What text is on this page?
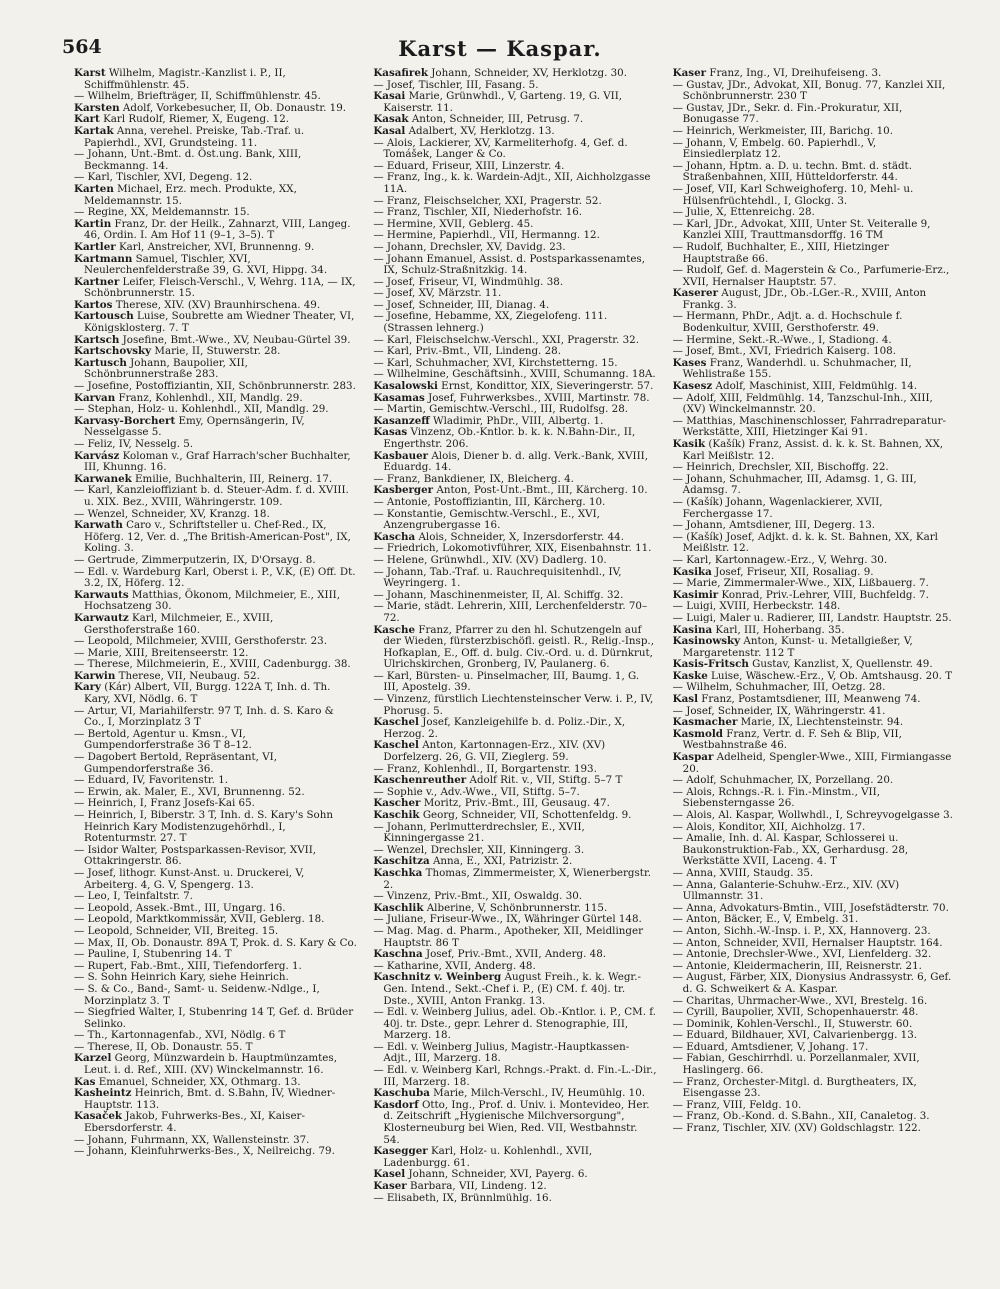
564	Karst — Kaspar.

Karst Wilhelm, Magistr.-Kanzlist i. P., II, Schiffmühlenstr. 45.

— Wilhelm, Briefträger, II, Schiffmühlenstr. 45.

Karsten Adolf, Vorkebesucher, II, Ob. Donaustr. 19.

Kart Karl Rudolf, Riemer, X, Eugeng. 12.

Kartak Anna, verehel. Preiske, Tab.-Traf. u. Papierhdl., XVI, Grundsteing. 11.

— Johann, Unt.-Bmt. d. Öst.ung. Bank, XIII, Beckmanng. 14.

— Karl, Tischler, XVI, Degeng. 12.

Karten Michael, Erz. mech. Produkte, XX, Meldemannstr. 15.

— Regine, XX, Meldemannstr. 15.

Kartin Franz, Dr. der Heilk., Zahnarzt, VIII, Langeg. 46, Ordin. I. Am Hof 11 (9–1, 3–5). T

Kartler Karl, Anstreicher, XVI, Brunnenng. 9.

Kartmann Samuel, Tischler, XVI, Neulerchenfelderstraße 39, G. XVI, Hippg. 34.

Kartner Leifer, Fleisch-Verschl., V, Wehrg. 11A, — IX, Schönbrunnerstr. 15.

Kartos Therese, XIV. (XV) Braunhirschena. 49.

Kartousch Luise, Soubrette am Wiedner Theater, VI, Königsklosterg. 7. T

Kartsch Josefine, Bmt.-Wwe., XV, Neubau-Gürtel 39.

Kartschovsky Marie, II, Stuwerstr. 28.

Kartusch Johann, Baupolier, XII, Schönbrunnerstraße 283.

— Josefine, Postoffiziantin, XII, Schönbrunnerstr. 283.

Karvan Franz, Kohlenhdl., XII, Mandlg. 29.

— Stephan, Holz- u. Kohlenhdl., XII, Mandlg. 29.

Karvasy-Borchert Emy, Opernsängerin, IV, Nesselgasse 5.

— Feliz, IV, Nesselg. 5.

Karvász Koloman v., Graf Harrach'scher Buchhalter, III, Khunng. 16.

Karwanek Emilie, Buchhalterin, III, Reinerg. 17.

— Karl, Kanzleioffiziant b. d. Steuer-Adm. f. d. XVIII. u. XIX. Bez., XVIII, Währingerstr. 109.

— Wenzel, Schneider, XV, Kranzg. 18.

Karwath Caro v., Schriftsteller u. Chef-Red., IX, Höferg. 12, Ver. d. „The British-American-Post", IX, Koling. 3.

— Gertrude, Zimmerputzerin, IX, D'Orsayg. 8.

— Edl. v. Wardeburg Karl, Oberst i. P., V.K, (E) Off. Dt. 3.2, IX, Höferg. 12.

Karwauts Matthias, Ökonom, Milchmeier, E., XIII, Hochsatzeng 30.

Karwautz Karl, Milchmeier, E., XVIII, Gersthoferstraße 160.

— Leopold, Milchmeier, XVIII, Gersthoferstr. 23.

— Marie, XIII, Breitenseerstr. 12.

— Therese, Milchmeierin, E., XVIII, Cadenburgg. 38.

Karwin Therese, VII, Neubaug. 52.

Kary (Kár) Albert, VII, Burgg. 122A T, Inh. d. Th. Kary, XVI, Nödlg. 6. T

— Artur, VI, Mariahilferstr. 97 T, Inh. d. S. Karo & Co., I, Morzinplatz 3 T

— Bertold, Agentur u. Kmsn., VI, Gumpendorferstraße 36 T 8–12.

— Dagobert Bertold, Repräsentant, VI, Gumpendorferstraße 36.

— Eduard, IV, Favoritenstr. 1.

— Erwin, ak. Maler, E., XVI, Brunnenng. 52.

— Heinrich, I, Franz Josefs-Kai 65.

— Heinrich, I, Biberstr. 3 T, Inh. d. S. Kary's Sohn Heinrich Kary Modistenzugehörhdl., I, Rotenturmstr. 27. T

— Isidor Walter, Postsparkassen-Revisor, XVII, Ottakringerstr. 86.

— Josef, lithogr. Kunst-Anst. u. Druckerei, V, Arbeiterg. 4, G. V, Spengerg. 13.

— Leo, I, Teinfaltstr. 7.

— Leopold, Assek.-Bmt., III, Ungarg. 16.

— Leopold, Marktkommissär, XVII, Geblerg. 18.

— Leopold, Schneider, VII, Breiteg. 15.

— Max, II, Ob. Donaustr. 89A T, Prok. d. S. Kary & Co.

— Pauline, I, Stubenring 14. T

— Rupert, Fab.-Bmt., XIII, Tiefendorferg. 1.

— S. Sohn Heinrich Kary, siehe Heinrich.

— S. & Co., Band-, Samt- u. Seidenw.-Ndlge., I, Morzinplatz 3. T

— Siegfried Walter, I, Stubenring 14 T, Gef. d. Brüder Selinko.

— Th., Kartonnagenfab., XVI, Nödlg. 6 T

— Therese, II, Ob. Donaustr. 55. T

Karzel Georg, Münzwardein b. Hauptmünzamtes, Leut. i. d. Ref., XIII. (XV) Winckelmannstr. 16.

Kas Emanuel, Schneider, XX, Othmarg. 13.

Kasheintz Heinrich, Bmt. d. S.Bahn, IV, Wiedner-Hauptstr. 113.

Kasaček Jakob, Fuhrwerks-Bes., XI, Kaiser-Ebersdorferstr. 4.

— Johann, Fuhrmann, XX, Wallensteinstr. 37.

— Johann, Kleinfuhrwerks-Bes., X, Neilreichg. 79.

Kasafirek Johann, Schneider, XV, Herklotzg. 30.

— Josef, Tischler, III, Fasang. 5.

Kasai Marie, Grünwhdl., V, Garteng. 19, G. VII, Kaiserstr. 11.

Kasak Anton, Schneider, III, Petrusg. 7.

Kasal Adalbert, XV, Herklotzg. 13.

— Alois, Lackierer, XV, Karmeliterhofg. 4, Gef. d. Tomášek, Langer & Co.

— Eduard, Friseur, XIII, Linzerstr. 4.

— Franz, Ing., k. k. Wardein-Adjt., XII, Aichholzgasse 11A.

— Franz, Fleischselcher, XXI, Pragerstr. 52.

— Franz, Tischler, XII, Niederhofstr. 16.

— Hermine, XVII, Geblerg. 45.

— Hermine, Papierhdl., VII, Hermanng. 12.

— Johann, Drechsler, XV, Davidg. 23.

— Johann Emanuel, Assist. d. Postsparkassenamtes, IX, Schulz-Straßnitzkig. 14.

— Josef, Friseur, VI, Windmühlg. 38.

— Josef, XV, Märzstr. 11.

— Josef, Schneider, III, Dianag. 4.

— Josefine, Hebamme, XX, Ziegelofeng. 111. (Strassen lehnerg.)

— Karl, Fleischselchw.-Verschl., XXI, Pragerstr. 32.

— Karl, Priv.-Bmt., VII, Lindeng. 28.

— Karl, Schuhmacher, XVI, Kirchstetterng. 15.

— Wilhelmine, Geschäftsinh., XVIII, Schumanng. 18A.

Kasalowski Ernst, Kondittor, XIX, Sieveringerstr. 57.

Kasamas Josef, Fuhrwerksbes., XVIII, Martinstr. 78.

— Martin, Gemischtw.-Verschl., III, Rudolfsg. 28.

Kasanzeff Wladimir, PhDr., VIII, Albertg. 1.

Kasas Vinzenz, Ob.-Kntlor. b. k. k. N.Bahn-Dir., II, Engerthstr. 206.

Kasbauer Alois, Diener b. d. allg. Verk.-Bank, XVIII, Eduardg. 14.

— Franz, Bankdiener, IX, Bleicherg. 4.

Kasberger Anton, Post-Unt.-Bmt., III, Kärcherg. 10.

— Antonie, Postoffiziantin, III, Kärcherg. 10.

— Konstantie, Gemischtw.-Verschl., E., XVI, Anzengrubergasse 16.

Kascha Alois, Schneider, X, Inzersdorferstr. 44.

— Friedrich, Lokomotivführer, XIX, Eisenbahnstr. 11.

— Helene, Grünwhdl., XIV. (XV) Dadlerg. 10.

— Johann, Tab.-Traf. u. Rauchrequisitenhdl., IV, Weyringerg. 1.

— Johann, Maschinenmeister, II, Al. Schiffg. 32.

— Marie, städt. Lehrerin, XIII, Lerchenfelderstr. 70–72.

Kasche Franz, Pfarrer zu den hl. Schutzengeln auf der Wieden, fürsterzbischöfl. geistl. R., Relig.-Insp., Hofkaplan, E., Off. d. bulg. Civ.-Ord. u. d. Dürnkrut, Ulrichskirchen, Gronberg, IV, Paulanerg. 6.

— Karl, Bürsten- u. Pinselmacher, III, Baumg. 1, G. III, Apostelg. 39.

— Vinzenz, fürstlich Liechtensteinscher Verw. i. P., IV, Phorusg. 5.

Kaschel Josef, Kanzleigehilfe b. d. Poliz.-Dir., X, Herzog. 2.

Kaschel Anton, Kartonnagen-Erz., XIV. (XV) Dorfelzerg. 26, G. VII, Zieglerg. 59.

— Franz, Kohlenhdl., II, Borgartenstr. 193.

Kaschenreuther Adolf Rit. v., VII, Stiftg. 5–7 T

— Sophie v., Adv.-Wwe., VII, Stiftg. 5–7.

Kascher Moritz, Priv.-Bmt., III, Geusaug. 47.

Kaschik Georg, Schneider, VII, Schottenfeldg. 9.

— Johann, Perlmutterdrechsler, E., XVII, Kinningergasse 21.

— Wenzel, Drechsler, XII, Kinningerg. 3.

Kaschitza Anna, E., XXI, Patrizistr. 2.

Kaschka Thomas, Zimmermeister, X, Wienerbergstr. 2.

— Vinzenz, Priv.-Bmt., XII, Oswaldg. 30.

Kaschlik Alberine, V, Schönbrunnerstr. 115.

— Juliane, Friseur-Wwe., IX, Währinger Gürtel 148.

— Mag. Mag. d. Pharm., Apotheker, XII, Meidlinger Hauptstr. 86 T

Kaschna Josef, Priv.-Bmt., XVII, Anderg. 48.

— Katharine, XVII, Anderg. 48.

Kaschnitz v. Weinberg August Freih., k. k. Wegr.-Gen. Intend., Sekt.-Chef i. P., (E) CM. f. 40j. tr. Dste., XVIII, Anton Frankg. 13.

— Edl. v. Weinberg Julius, adel. Ob.-Kntlor. i. P., CM. f. 40j. tr. Dste., gepr. Lehrer d. Stenographie, III, Marzerg. 18.

— Edl. v. Weinberg Julius, Magistr.-Hauptkassen-Adjt., III, Marzerg. 18.

— Edl. v. Weinberg Karl, Rchngs.-Prakt. d. Fin.-L.-Dir., III, Marzerg. 18.

Kaschuba Marie, Milch-Verschl., IV, Heumühlg. 10.

Kasdorf Otto, Ing., Prof. d. Univ. i. Montevideo, Her. d. Zeitschrift „Hygienische Milchversorgung", Klosterneuburg bei Wien, Red. VII, Westbahnstr. 54.

Kasegger Karl, Holz- u. Kohlenhdl., XVII, Ladenburgg. 61.

Kasel Johann, Schneider, XVI, Payerg. 6.

Kaser Barbara, VII, Lindeng. 12.

— Elisabeth, IX, Brünnlmühlg. 16.

Kaser Franz, Ing., VI, Dreihufeiseng. 3.

— Gustav, JDr., Advokat, XII, Bonug. 77, Kanzlei XII, Schönbrunnerstr. 230 T

— Gustav, JDr., Sekr. d. Fin.-Prokuratur, XII, Bonugasse 77.

— Heinrich, Werkmeister, III, Barichg. 10.

— Johann, V, Embelg. 60. Papierhdl., V, Einsiedlerplatz 12.

— Johann, Hptm. a. D. u. techn. Bmt. d. städt. Straßenbahnen, XIII, Hütteldorferstr. 44.

— Josef, VII, Karl Schweighoferg. 10, Mehl- u. Hülsenfrüchtehdl., I, Glockg. 3.

— Julie, X, Ettenreichg. 28.

— Karl, JDr., Advokat, XIII, Unter St. Veiteralle 9, Kanzlei XIII, Trauttmansdorffg. 16 TM

— Rudolf, Buchhalter, E., XIII, Hietzinger Hauptstraße 66.

— Rudolf, Gef. d. Magerstein & Co., Parfumerie-Erz., XVII, Hernalser Hauptstr. 57.

Kaserer August, JDr., Ob.-LGer.-R., XVIII, Anton Frankg. 3.

— Hermann, PhDr., Adjt. a. d. Hochschule f. Bodenkultur, XVIII, Gersthoferstr. 49.

— Hermine, Sekt.-R.-Wwe., I, Stadiong. 4.

— Josef, Bmt., XVI, Friedrich Kaiserg. 108.

Kases Franz, Wanderhdl. u. Schuhmacher, II, Wehlistraße 155.

Kasesz Adolf, Maschinist, XIII, Feldmühlg. 14.

— Adolf, XIII, Feldmühlg. 14, Tanzschul-Inh., XIII, (XV) Winckelmannstr. 20.

— Matthias, Maschinenschlosser, Fahrradreparatur-Werkstätte, XIII, Hietzinger Kai 91.

Kasik (Kašík) Franz, Assist. d. k. k. St. Bahnen, XX, Karl Meißlstr. 12.

— Heinrich, Drechsler, XII, Bischoffg. 22.

— Johann, Schuhmacher, III, Adamsg. 1, G. III, Adamsg. 7.

— (Kašík) Johann, Wagenlackierer, XVII, Ferchergasse 17.

— Johann, Amtsdiener, III, Degerg. 13.

— (Kašík) Josef, Adjkt. d. k. k. St. Bahnen, XX, Karl Meißlstr. 12.

— Karl, Kartonnagew.-Erz., V, Wehrg. 30.

Kasika Josef, Friseur, XII, Rosaliag. 9.

— Marie, Zimmermaler-Wwe., XIX, Lißbauerg. 7.

Kasimir Konrad, Priv.-Lehrer, VIII, Buchfeldg. 7.

— Luigi, XVIII, Herbeckstr. 148.

— Luigi, Maler u. Radierer, III, Landstr. Hauptstr. 25.

Kasina Karl, III, Hoherbang. 35.

Kasinowsky Anton, Kunst- u. Metallgießer, V, Margaretenstr. 112 T

Kasis-Fritsch Gustav, Kanzlist, X, Quellenstr. 49.

Kaske Luise, Wäschew.-Erz., V, Ob. Amtshausg. 20. T

— Wilhelm, Schuhmacher, III, Oetzg. 28.

Kasl Franz, Postamtsdiener, III, Meanweng 74.

— Josef, Schneider, IX, Währingerstr. 41.

Kasmacher Marie, IX, Liechtensteinstr. 94.

Kasmold Franz, Vertr. d. F. Seh & Blip, VII, Westbahnstraße 46.

Kaspar Adelheid, Spengler-Wwe., XIII, Firmiangasse 20.

— Adolf, Schuhmacher, IX, Porzellang. 20.

— Alois, Rchngs.-R. i. Fin.-Minstm., VII, Siebensterngasse 26.

— Alois, Al. Kaspar, Wollwhdl., I, Schreyvogelgasse 3.

— Alois, Konditor, XII, Aichholzg. 17.

— Amalie, Inh. d. Al. Kaspar, Schlosserei u. Baukonstruktion-Fab., XX, Gerhardusg. 28, Werkstätte XVII, Laceng. 4. T

— Anna, XVIII, Staudg. 35.

— Anna, Galanterie-Schuhw.-Erz., XIV. (XV) Ullmannstr. 31.

— Anna, Advokaturs-Bmtin., VIII, Josefstädterstr. 70.

— Anton, Bäcker, E., V, Embelg. 31.

— Anton, Sichh.-W.-Insp. i. P., XX, Hannoverg. 23.

— Anton, Schneider, XVII, Hernalser Hauptstr. 164.

— Antonie, Drechsler-Wwe., XVI, Lienfelderg. 32.

— Antonie, Kleidermacherin, III, Reisnerstr. 21.

— August, Färber, XIX, Dionysius Andrassystr. 6, Gef. d. G. Schweikert & A. Kaspar.

— Charitas, Uhrmacher-Wwe., XVI, Brestelg. 16.

— Cyrill, Baupolier, XVII, Schopenhauerstr. 48.

— Dominik, Kohlen-Verschl., II, Stuwerstr. 60.

— Eduard, Bildhauer, XVI, Calvarienbergg. 13.

— Eduard, Amtsdiener, V, Johang. 17.

— Fabian, Geschirrhdl. u. Porzellanmaler, XVII, Haslingerg. 66.

— Franz, Orchester-Mitgl. d. Burgtheaters, IX, Eisengasse 23.

— Franz, VIII, Feldg. 10.

— Franz, Ob.-Kond. d. S.Bahn., XII, Canaletog. 3.

— Franz, Tischler, XIV. (XV) Goldschlagstr. 122.
